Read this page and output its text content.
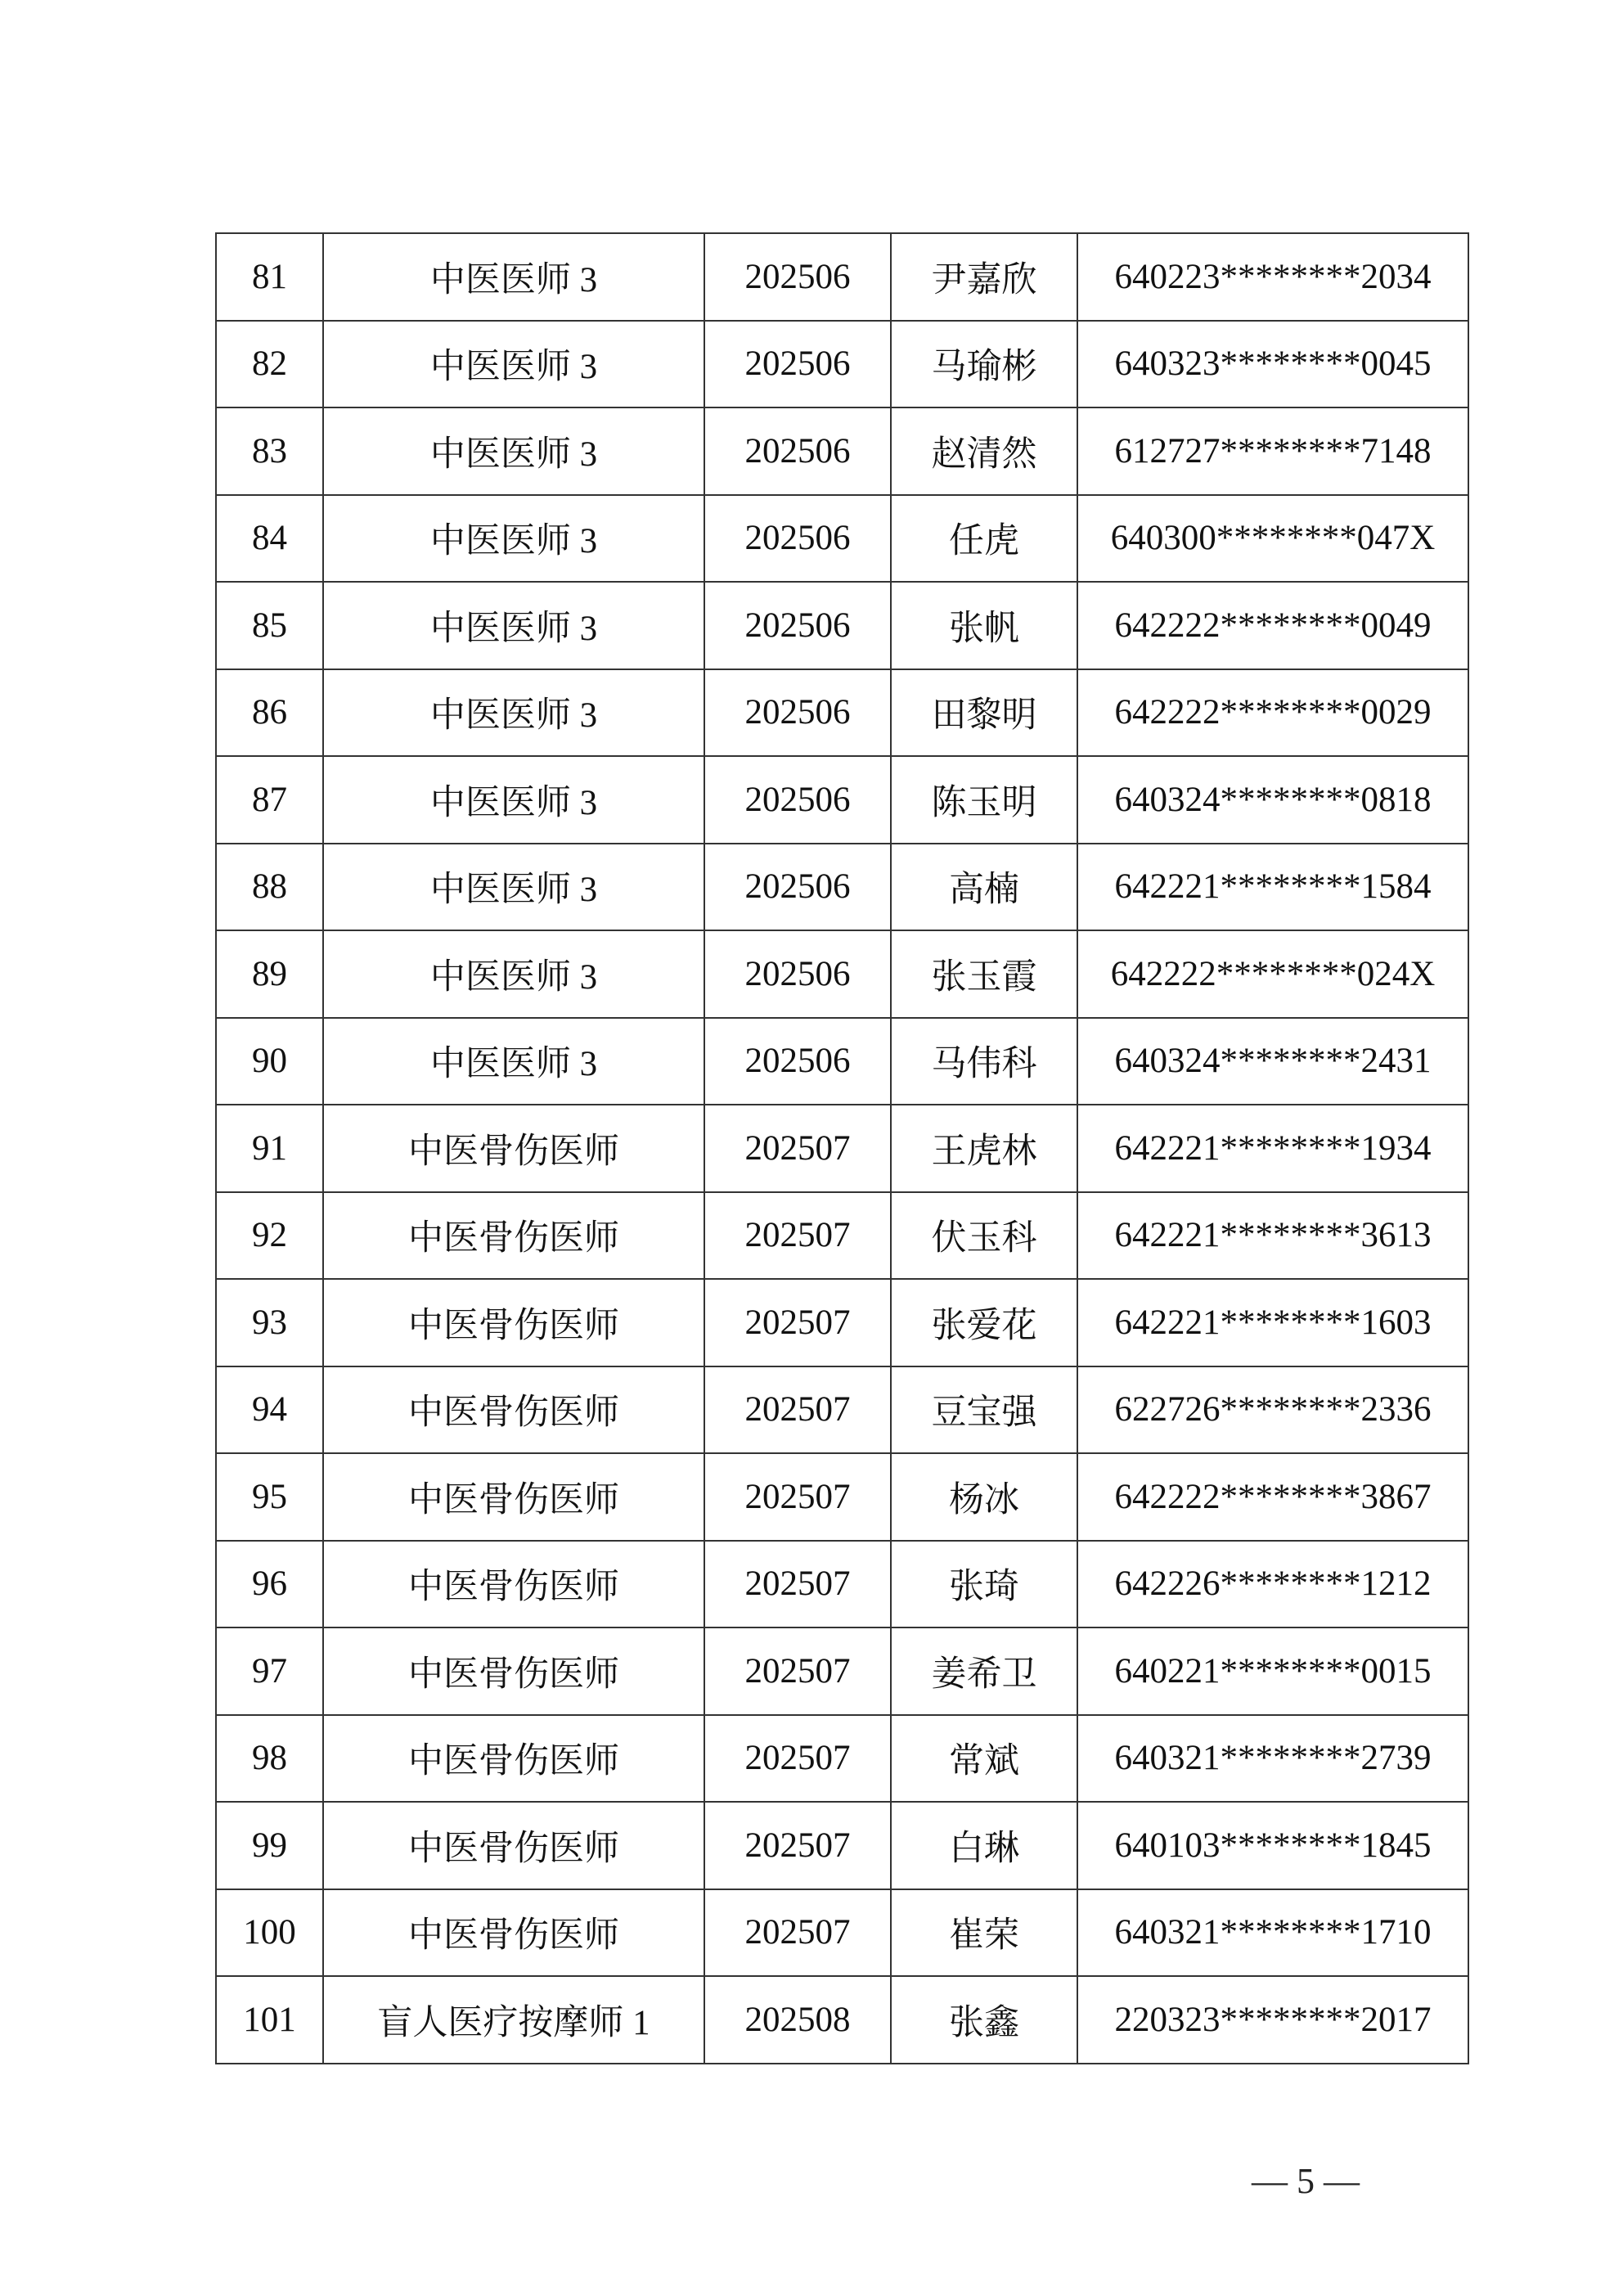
81	中医医师 3	202506	尹嘉欣	640223********2034
82	中医医师 3	202506	马瑜彬	640323********0045
83	中医医师 3	202506	赵清然	612727********7148
84	中医医师 3	202506	任虎	640300********047X
85	中医医师 3	202506	张帆	642222********0049
86	中医医师 3	202506	田黎明	642222********0029
87	中医医师 3	202506	陈玉明	640324********0818
88	中医医师 3	202506	高楠	642221********1584
89	中医医师 3	202506	张玉霞	642222********024X
90	中医医师 3	202506	马伟科	640324********2431
91	中医骨伤医师	202507	王虎林	642221********1934
92	中医骨伤医师	202507	伏玉科	642221********3613
93	中医骨伤医师	202507	张爱花	642221********1603
94	中医骨伤医师	202507	豆宝强	622726********2336
95	中医骨伤医师	202507	杨冰	642222********3867
96	中医骨伤医师	202507	张琦	642226********1212
97	中医骨伤医师	202507	姜希卫	640221********0015
98	中医骨伤医师	202507	常斌	640321********2739
99	中医骨伤医师	202507	白琳	640103********1845
100	中医骨伤医师	202507	崔荣	640321********1710
101	盲人医疗按摩师 1	202508	张鑫	220323********2017
— 5 —
